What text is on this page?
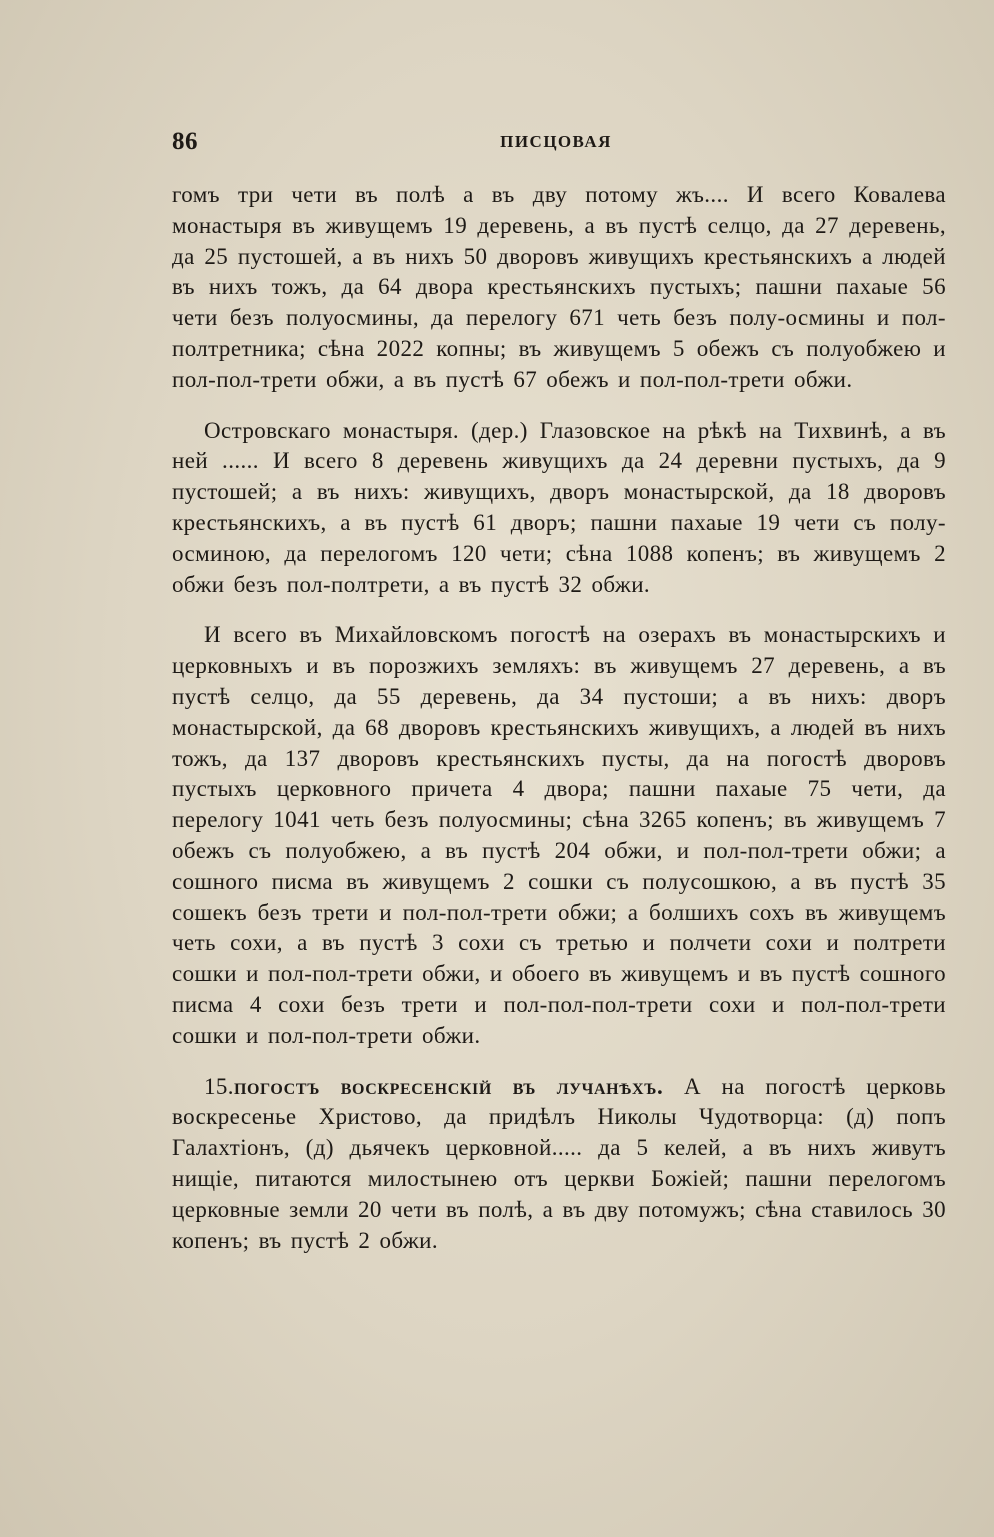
86	ПИСЦОВАЯ

гомъ три чети въ полѣ а въ дву потому жъ.... И всего Ковалева монастыря въ живущемъ 19 деревень, а въ пустѣ селцо, да 27 деревень, да 25 пустошей, а въ нихъ 50 дворовъ живущихъ крестьянскихъ а людей въ нихъ тожъ, да 64 двора крестьянскихъ пустыхъ; пашни пахаые 56 чети безъ полуосмины, да перелогу 671 четь безъ полу-осмины и пол-полтретника; сѣна 2022 копны; въ живущемъ 5 обежъ съ полуобжею и пол-пол-трети обжи, а въ пустѣ 67 обежъ и пол-пол-трети обжи.

Островскаго монастыря. (дер.) Глазовское на рѣкѣ на Тихвинѣ, а въ ней ...... И всего 8 деревень живущихъ да 24 деревни пустыхъ, да 9 пустошей; а въ нихъ: живущихъ, дворъ монастырской, да 18 дворовъ крестьянскихъ, а въ пустѣ 61 дворъ; пашни пахаые 19 чети съ полу-осминою, да перелогомъ 120 чети; сѣна 1088 копенъ; въ живущемъ 2 обжи безъ пол-полтрети, а въ пустѣ 32 обжи.

И всего въ Михайловскомъ погостѣ на озерахъ въ монастырскихъ и церковныхъ и въ порозжихъ земляхъ: въ живущемъ 27 деревень, а въ пустѣ селцо, да 55 деревень, да 34 пустоши; а въ нихъ: дворъ монастырской, да 68 дворовъ крестьянскихъ живущихъ, а людей въ нихъ тожъ, да 137 дворовъ крестьянскихъ пусты, да на погостѣ дворовъ пустыхъ церковного причета 4 двора; пашни пахаые 75 чети, да перелогу 1041 четь безъ полуосмины; сѣна 3265 копенъ; въ живущемъ 7 обежъ съ полуобжею, а въ пустѣ 204 обжи, и пол-пол-трети обжи; а сошного писма въ живущемъ 2 сошки съ полусошкою, а въ пустѣ 35 сошекъ безъ трети и пол-пол-трети обжи; а болшихъ сохъ въ живущемъ четь сохи, а въ пустѣ 3 сохи съ третью и полчети сохи и полтрети сошки и пол-пол-трети обжи, и обоего въ живущемъ и въ пустѣ сошного писма 4 сохи безъ трети и пол-пол-пол-трети сохи и пол-пол-трети сошки и пол-пол-трети обжи.

15.погостъ воскресенскій въ лучанѣхъ. А на погостѣ церковь воскресенье Христово, да придѣлъ Николы Чудотворца: (д) попъ Галахтіонъ, (д) дьячекъ церковной..... да 5 келей, а въ нихъ живутъ нищіе, питаются милостынею отъ церкви Божіей; пашни перелогомъ церковные земли 20 чети въ полѣ, а въ дву потомужъ; сѣна ставилось 30 копенъ; въ пустѣ 2 обжи.
